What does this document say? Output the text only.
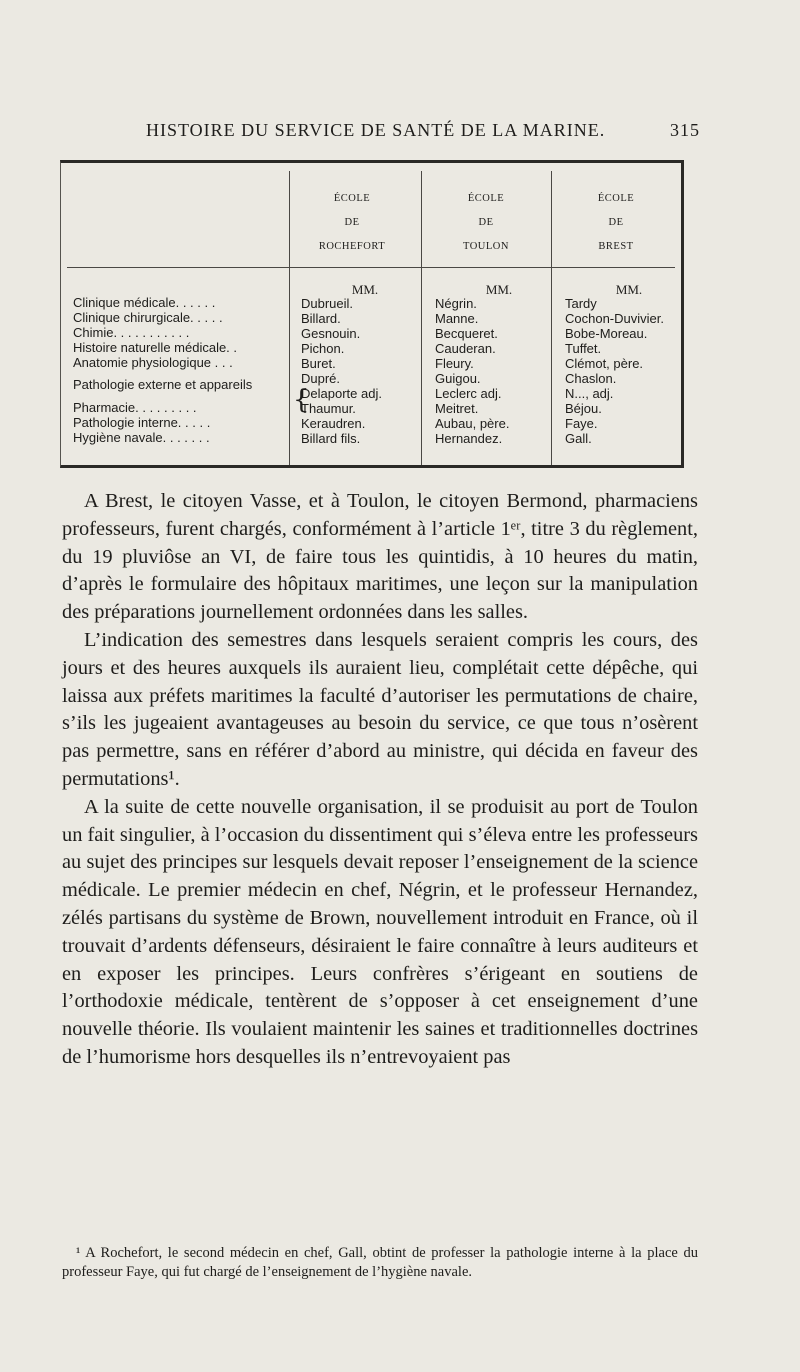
HISTOIRE DU SERVICE DE SANTÉ DE LA MARINE.	315
ÉCOLE
DE
ROCHEFORT
ÉCOLE
DE
TOULON
ÉCOLE
DE
BREST
Clinique médicale. . . . . .
Clinique chirurgicale. . . . .
Chimie. . . . . . . . . . .
Histoire naturelle médicale. .
Anatomie physiologique . . .
Pathologie externe et appareils
Pharmacie. . . . . . . . .
Pathologie interne. . . . .
Hygiène navale. . . . . . .
{
MM.
Dubrueil.
Billard.
Gesnouin.
Pichon.
Buret.
Dupré.
Delaporte adj.
Thaumur.
Keraudren.
Billard fils.
MM.
Négrin.
Manne.
Becqueret.
Cauderan.
Fleury.
Guigou.
Leclerc adj.
Meitret.
Aubau, père.
Hernandez.
MM.
Tardy
Cochon-Duvivier.
Bobe-Moreau.
Tuffet.
Clémot, père.
Chaslon.
N..., adj.
Béjou.
Faye.
Gall.

A Brest, le citoyen Vasse, et à Toulon, le citoyen Bermond, pharmaciens professeurs, furent chargés, conformément à l’article 1ᵉʳ, titre 3 du règlement, du 19 pluviôse an VI, de faire tous les quintidis, à 10 heures du matin, d’après le formulaire des hôpitaux maritimes, une leçon sur la manipulation des préparations journellement ordonnées dans les salles.

L’indication des semestres dans lesquels seraient compris les cours, des jours et des heures auxquels ils auraient lieu, complétait cette dépêche, qui laissa aux préfets maritimes la faculté d’autoriser les permutations de chaire, s’ils les jugeaient avantageuses au besoin du service, ce que tous n’osèrent pas permettre, sans en référer d’abord au ministre, qui décida en faveur des permutations¹.

A la suite de cette nouvelle organisation, il se produisit au port de Toulon un fait singulier, à l’occasion du dissentiment qui s’éleva entre les professeurs au sujet des principes sur lesquels devait reposer l’enseignement de la science médicale. Le premier médecin en chef, Négrin, et le professeur Hernandez, zélés partisans du système de Brown, nouvellement introduit en France, où il trouvait d’ardents défenseurs, désiraient le faire connaître à leurs auditeurs et en exposer les principes. Leurs confrères s’érigeant en soutiens de l’orthodoxie médicale, tentèrent de s’opposer à cet enseignement d’une nouvelle théorie. Ils voulaient maintenir les saines et traditionnelles doctrines de l’humorisme hors desquelles ils n’entrevoyaient pas

¹ A Rochefort, le second médecin en chef, Gall, obtint de professer la pathologie interne à la place du professeur Faye, qui fut chargé de l’enseignement de l’hygiène navale.
